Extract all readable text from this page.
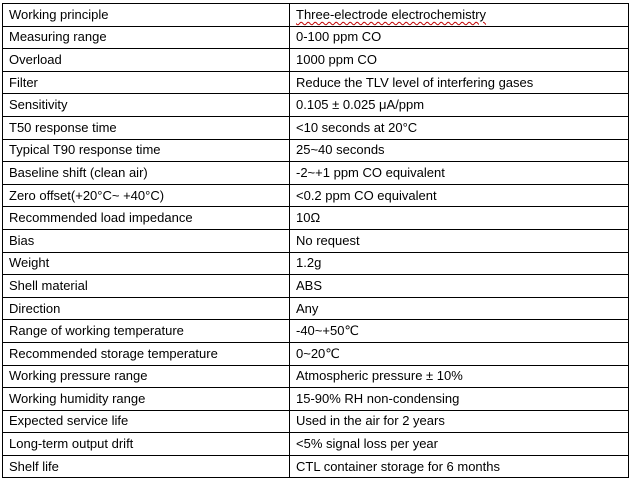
Working principle	Three-electrode electrochemistry
Measuring range	0-100 ppm CO
Overload	1000 ppm CO
Filter	Reduce the TLV level of interfering gases
Sensitivity	0.105 ± 0.025 μA/ppm
T50 response time	<10 seconds at 20°C
Typical T90 response time	25~40 seconds
Baseline shift (clean air)	-2~+1 ppm CO equivalent
Zero offset(+20°C~ +40°C)	<0.2 ppm CO equivalent
Recommended load impedance	10Ω
Bias	No request
Weight	1.2g
Shell material	ABS
Direction	Any
Range of working temperature	-40~+50℃
Recommended storage temperature	0~20℃
Working pressure range	Atmospheric pressure ± 10%
Working humidity range	15-90% RH non-condensing
Expected service life	Used in the air for 2 years
Long-term output drift	<5% signal loss per year
Shelf life	CTL container storage for 6 months
